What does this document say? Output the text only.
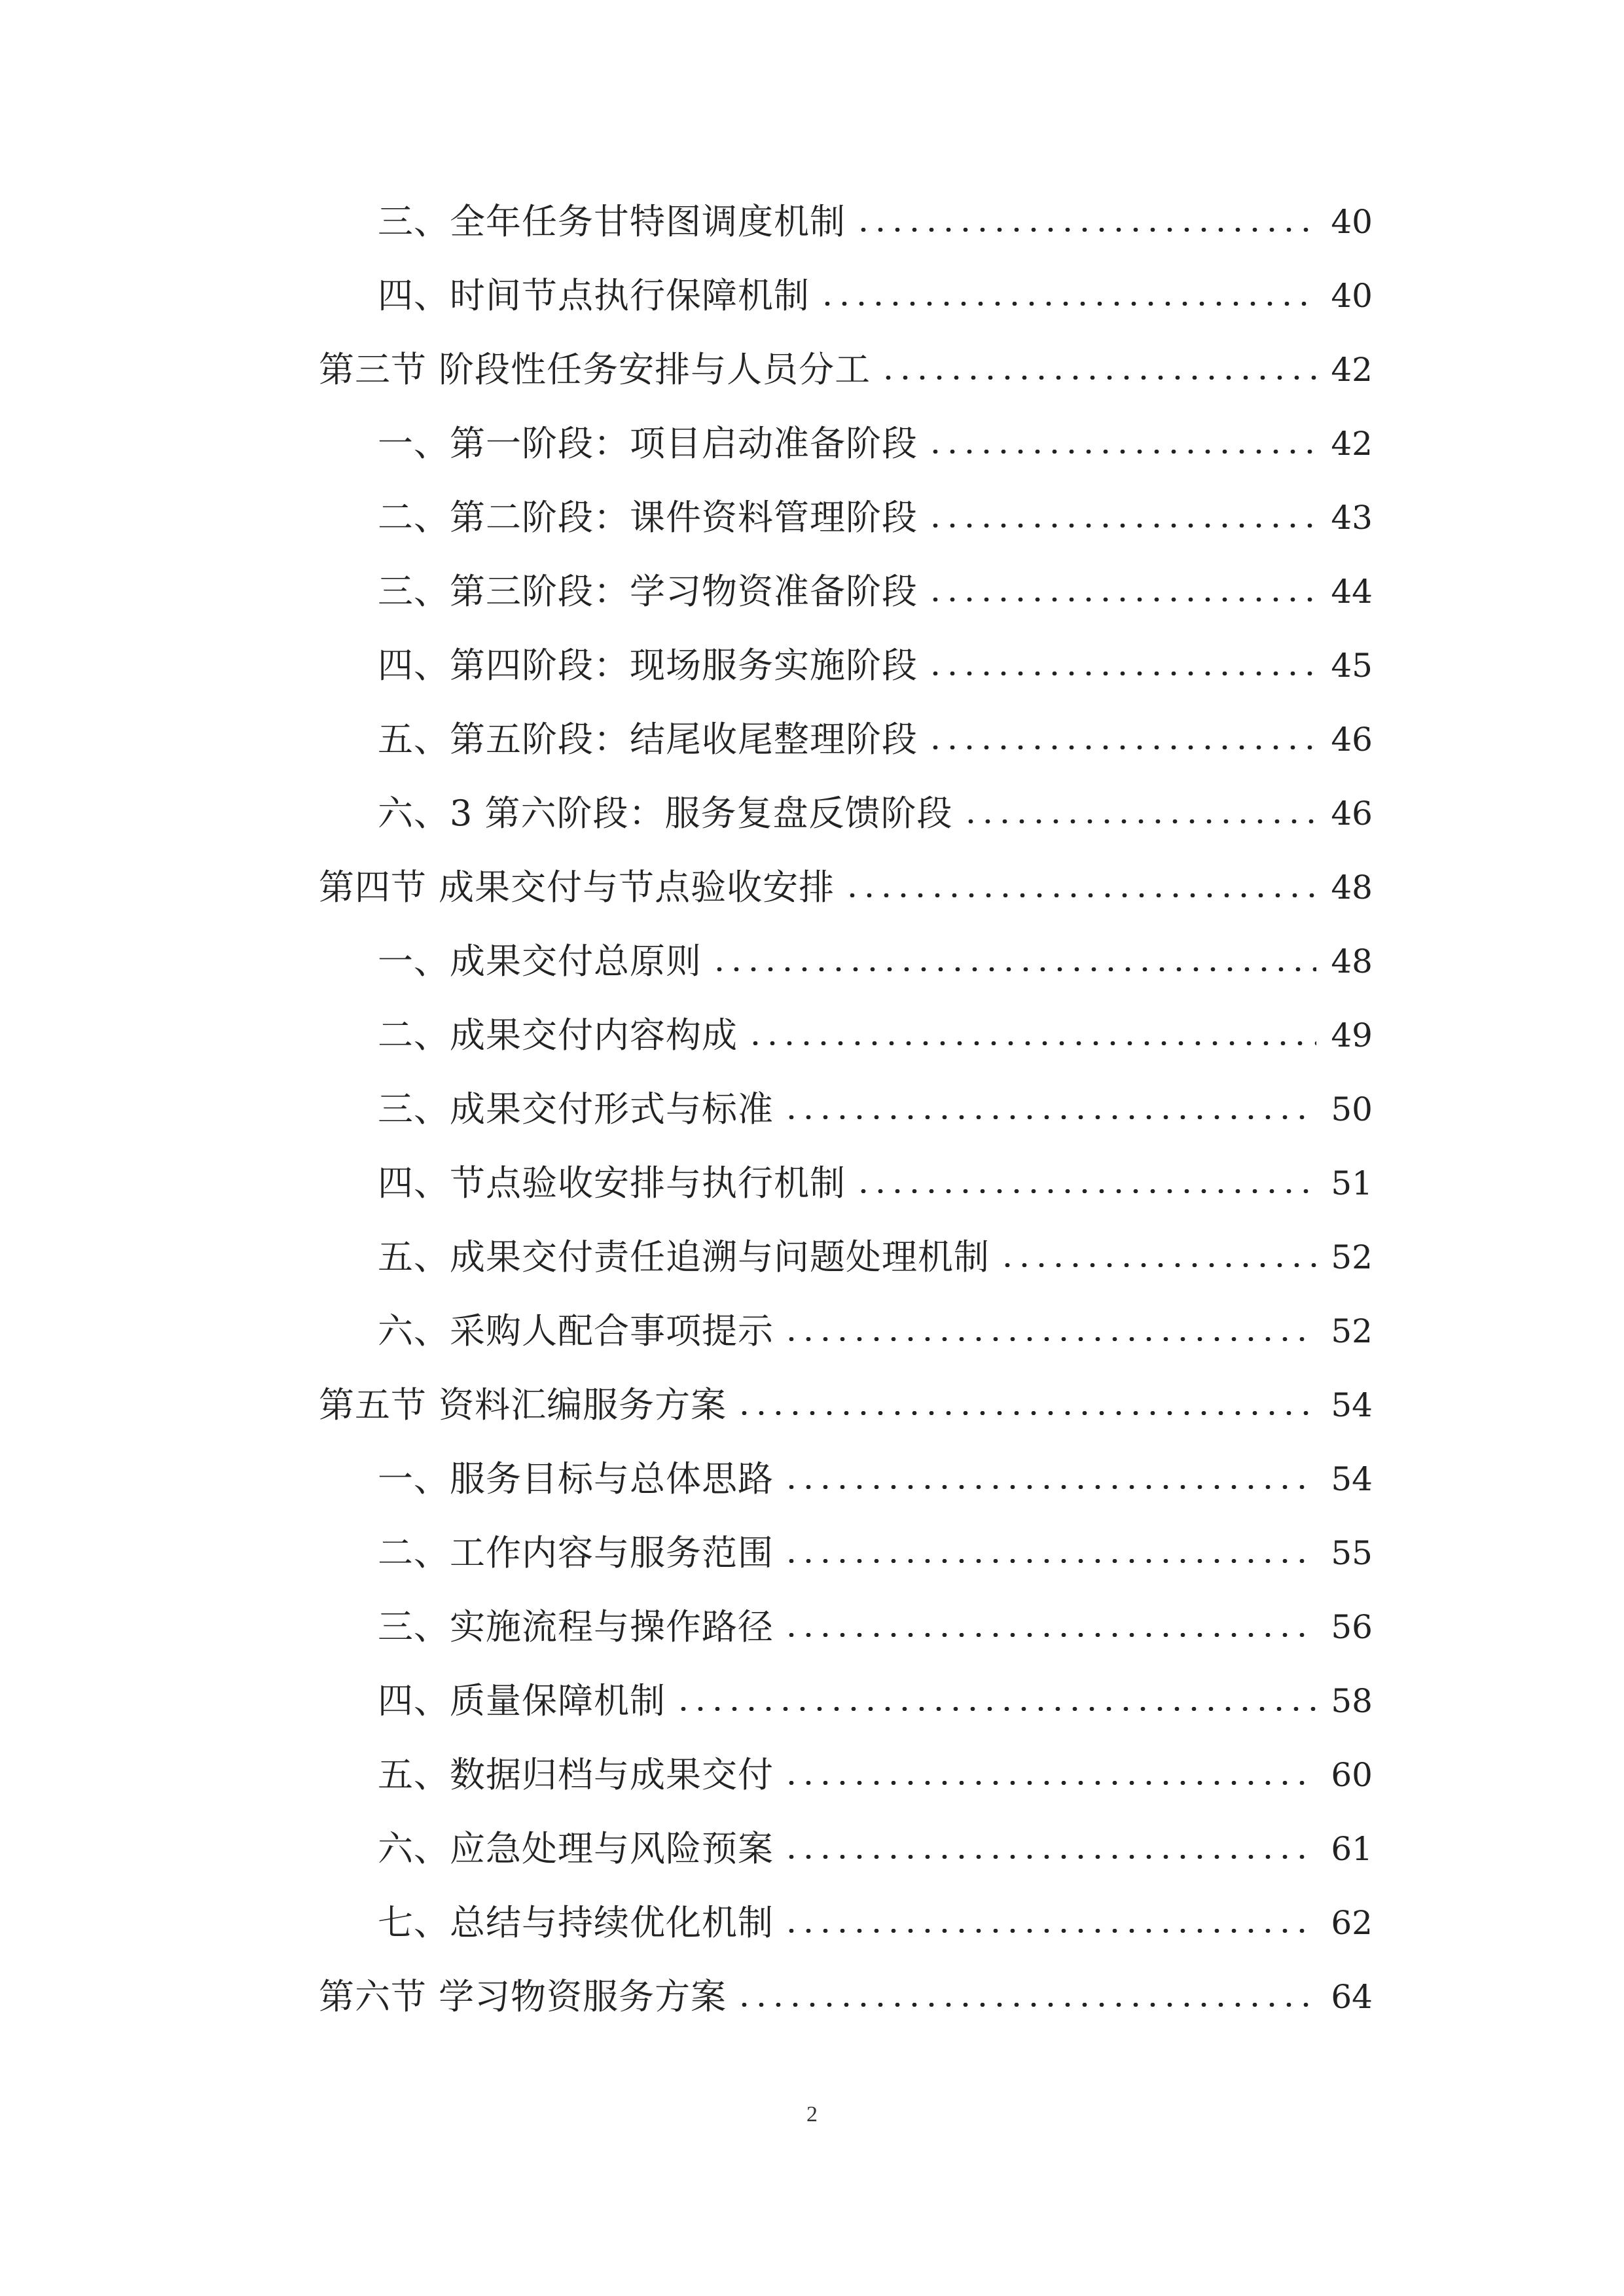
三、全年任务甘特图调度机制	40
四、时间节点执行保障机制	40
第三节 阶段性任务安排与人员分工	42
一、第一阶段：项目启动准备阶段	42
二、第二阶段：课件资料管理阶段	43
三、第三阶段：学习物资准备阶段	44
四、第四阶段：现场服务实施阶段	45
五、第五阶段：结尾收尾整理阶段	46
六、3 第六阶段：服务复盘反馈阶段	46
第四节 成果交付与节点验收安排	48
一、成果交付总原则	48
二、成果交付内容构成	49
三、成果交付形式与标准	50
四、节点验收安排与执行机制	51
五、成果交付责任追溯与问题处理机制	52
六、采购人配合事项提示	52
第五节 资料汇编服务方案	54
一、服务目标与总体思路	54
二、工作内容与服务范围	55
三、实施流程与操作路径	56
四、质量保障机制	58
五、数据归档与成果交付	60
六、应急处理与风险预案	61
七、总结与持续优化机制	62
第六节 学习物资服务方案	64
2
